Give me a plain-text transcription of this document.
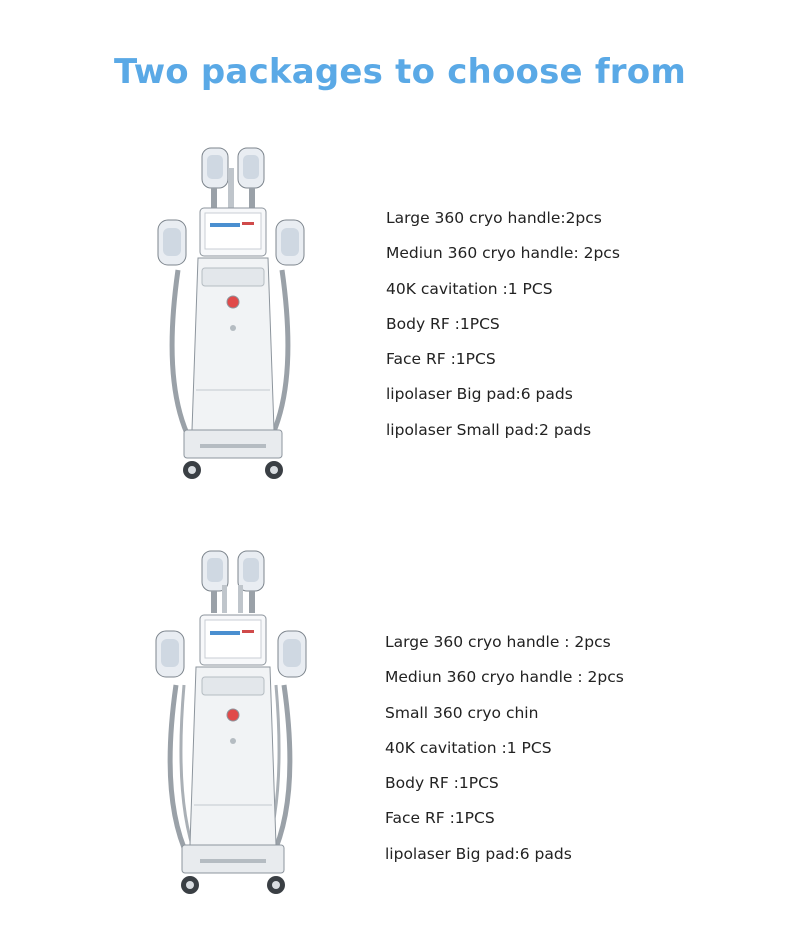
Two packages to choose from
Large 360 cryo handle:2pcs
Mediun 360 cryo handle: 2pcs
40K cavitation :1 PCS
Body RF :1PCS
Face RF :1PCS
lipolaser Big pad:6 pads
lipolaser Small pad:2 pads
Large 360 cryo handle : 2pcs
Mediun 360 cryo handle : 2pcs
Small 360 cryo chin
40K cavitation :1 PCS
Body RF :1PCS
Face RF :1PCS
lipolaser Big pad:6 pads
